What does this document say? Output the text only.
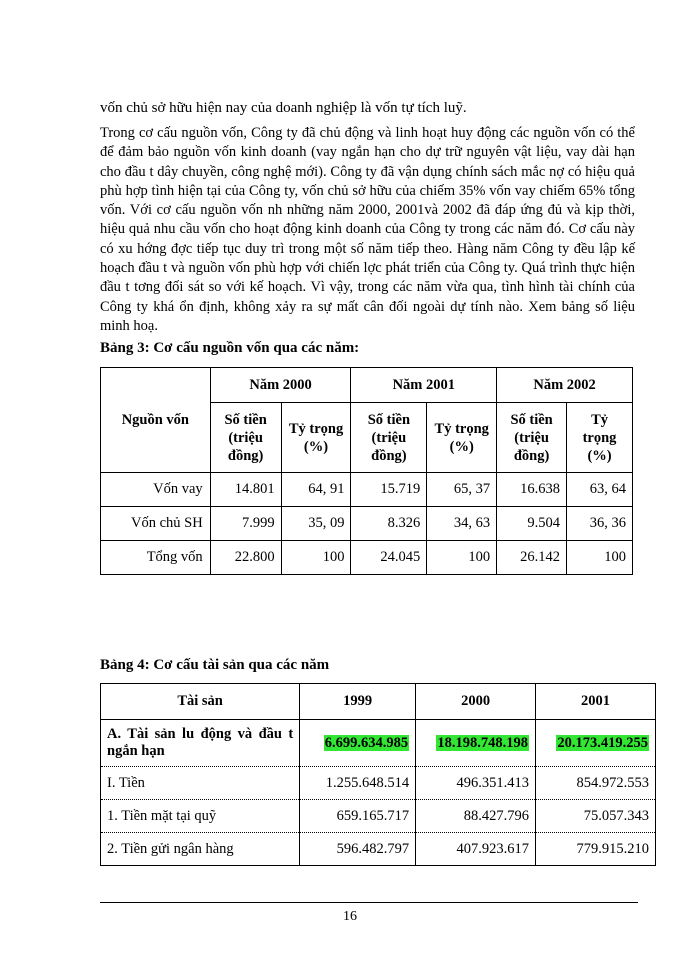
vốn chủ sở hữu hiện nay của doanh nghiệp là vốn tự tích luỹ.

Trong cơ cấu nguồn vốn, Công ty đã chủ động và linh hoạt huy động các nguồn vốn có thể để đảm bảo nguồn vốn kinh doanh (vay ngắn hạn cho dự trữ nguyên vật liệu, vay dài hạn cho đầu t dây chuyền, công nghệ mới). Công ty đã vận dụng chính sách mắc nợ có hiệu quả phù hợp tình hiện tại của Công ty, vốn chủ sở hữu của chiếm 35% vốn vay chiếm 65% tổng vốn. Với cơ cấu nguồn vốn nh những năm 2000, 2001và 2002 đã đáp ứng đủ và kịp thời, hiệu quả nhu cầu vốn cho hoạt động kinh doanh của Công ty trong các năm đó. Cơ cấu này có xu hớng đợc tiếp tục duy trì trong một số năm tiếp theo. Hàng năm Công ty đều lập kế hoạch đầu t và nguồn vốn phù hợp với chiến lợc phát triển của Công ty. Quá trình thực hiện đầu t tơng đối sát so với kế hoạch. Vì vậy, trong các năm vừa qua, tình hình tài chính của Công ty khá ổn định, không xảy ra sự mất cân đối ngoài dự tính nào. Xem bảng số liệu minh hoạ.

Bảng 3: Cơ cấu nguồn vốn qua các năm:

Nguồn vốn	Năm 2000		Năm 2001		Năm 2002	
	Số tiền (triệu đồng)	Tỷ trọng (%)	Số tiền (triệu đồng)	Tỷ trọng (%)	Số tiền (triệu đồng)	Tỷ trọng (%)
Vốn vay	14.801	64, 91	15.719	65, 37	16.638	63, 64
Vốn chủ SH	7.999	35, 09	8.326	34, 63	9.504	36, 36
Tổng vốn	22.800	100	24.045	100	26.142	100

Bảng 4: Cơ cấu tài sản qua các năm

Tài sản	1999	2000	2001
A. Tài sản lu động và đầu t ngắn hạn	6.699.634.985	18.198.748.198	20.173.419.255
I. Tiền	1.255.648.514	496.351.413	854.972.553
1. Tiền mặt tại quỹ	659.165.717	88.427.796	75.057.343
2. Tiền gửi ngân hàng	596.482.797	407.923.617	779.915.210
16
